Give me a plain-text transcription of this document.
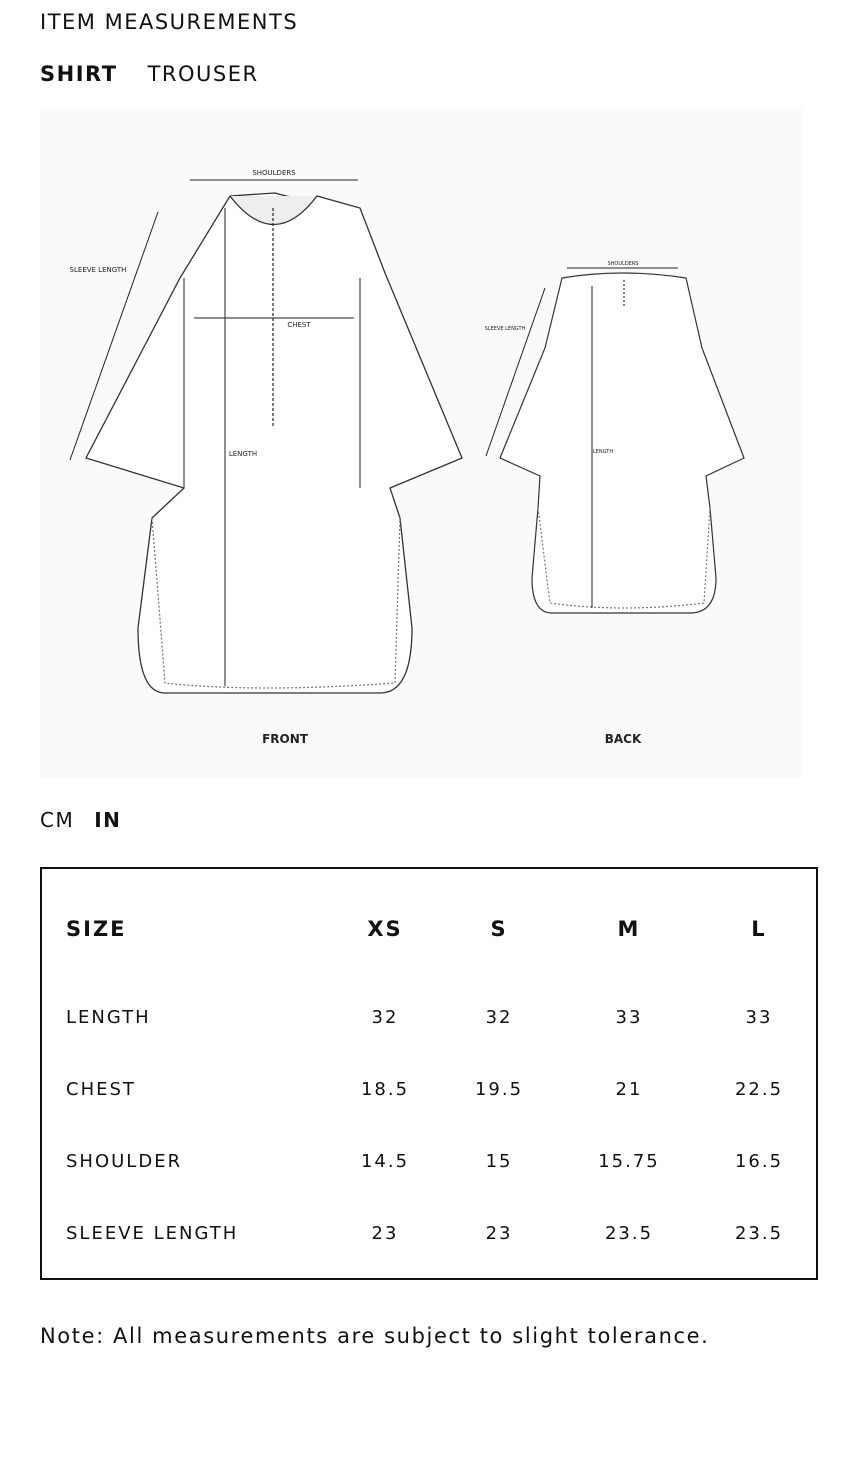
ITEM MEASUREMENTS
SHIRT TROUSER
SHOULDERS
CHEST
SLEEVE LENGTH
LENGTH
FRONT
SHOULDERS
SLEEVE LENGTH
LENGTH
BACK
CM IN
SIZE	XS	S	M	L
LENGTH	32	32	33	33
CHEST	18.5	19.5	21	22.5
SHOULDER	14.5	15	15.75	16.5
SLEEVE LENGTH	23	23	23.5	23.5
Note: All measurements are subject to slight tolerance.
